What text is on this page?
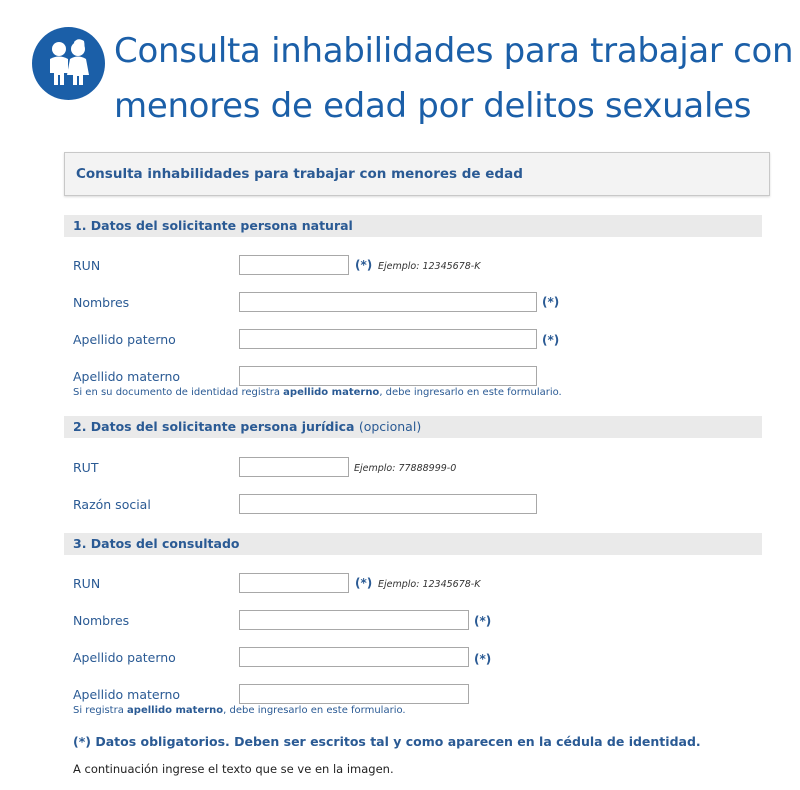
Consulta inhabilidades para trabajar con menores de edad por delitos sexuales
Consulta inhabilidades para trabajar con menores de edad
1. Datos del solicitante persona natural
RUN	(*) Ejemplo: 12345678-K
Nombres	(*)
Apellido paterno	(*)
Apellido materno
Si en su documento de identidad registra apellido materno, debe ingresarlo en este formulario.
2. Datos del solicitante persona jurídica (opcional)
RUT	Ejemplo: 77888999-0
Razón social
3. Datos del consultado
RUN	(*) Ejemplo: 12345678-K
Nombres	(*)
Apellido paterno	(*)
Apellido materno
Si registra apellido materno, debe ingresarlo en este formulario.
(*) Datos obligatorios. Deben ser escritos tal y como aparecen en la cédula de identidad.
A continuación ingrese el texto que se ve en la imagen.
